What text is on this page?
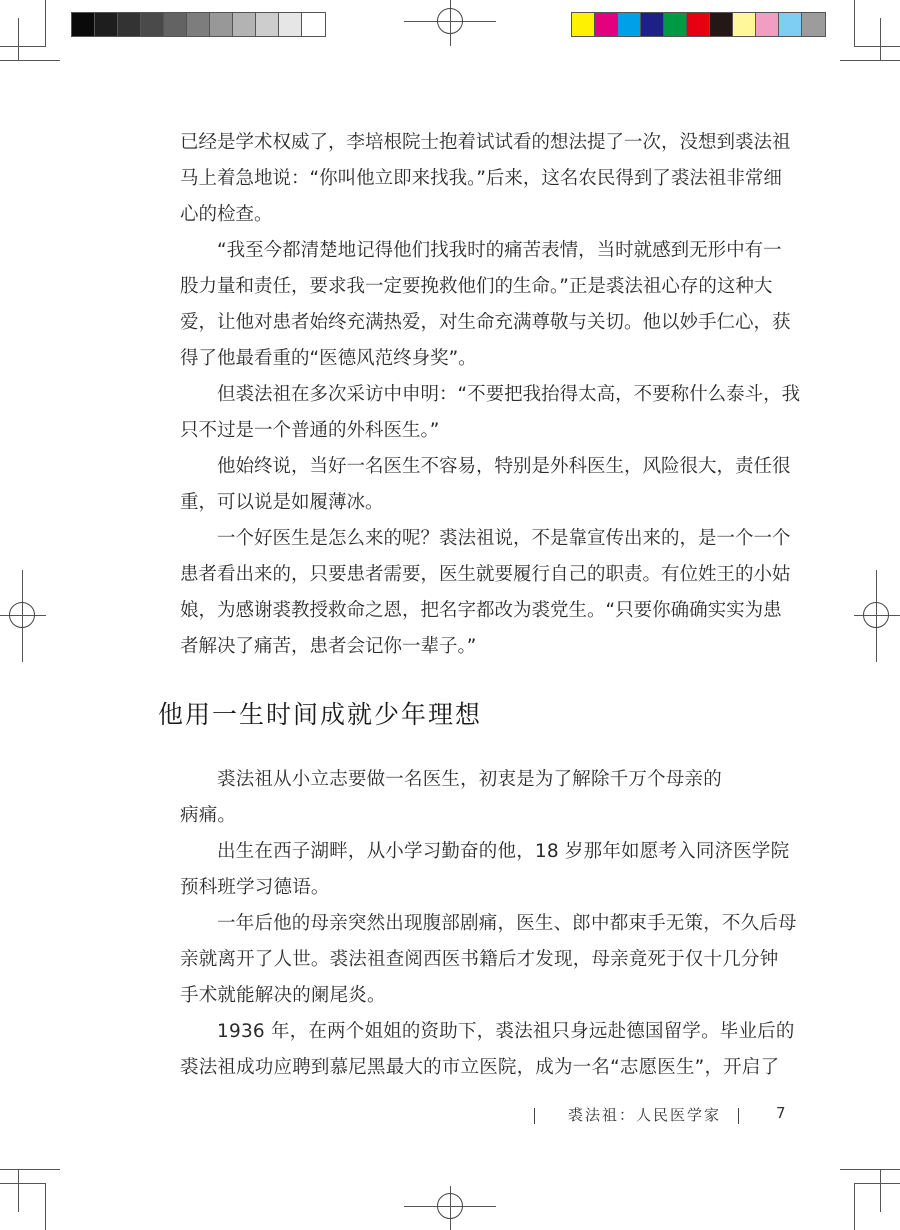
已经是学术权威了，李培根院士抱着试试看的想法提了一次，没想到裘法祖
马上着急地说：“你叫他立即来找我。”后来，这名农民得到了裘法祖非常细
心的检查。
“我至今都清楚地记得他们找我时的痛苦表情，当时就感到无形中有一
股力量和责任，要求我一定要挽救他们的生命。”正是裘法祖心存的这种大
爱，让他对患者始终充满热爱，对生命充满尊敬与关切。他以妙手仁心，获
得了他最看重的“医德风范终身奖”。
但裘法祖在多次采访中申明：“不要把我抬得太高，不要称什么泰斗，我
只不过是一个普通的外科医生。”
他始终说，当好一名医生不容易，特别是外科医生，风险很大，责任很
重，可以说是如履薄冰。
一个好医生是怎么来的呢？裘法祖说，不是靠宣传出来的，是一个一个
患者看出来的，只要患者需要，医生就要履行自己的职责。有位姓王的小姑
娘，为感谢裘教授救命之恩，把名字都改为裘党生。“只要你确确实实为患
者解决了痛苦，患者会记你一辈子。”
他用一生时间成就少年理想
裘法祖从小立志要做一名医生，初衷是为了解除千万个母亲的
病痛。
出生在西子湖畔，从小学习勤奋的他，18 岁那年如愿考入同济医学院
预科班学习德语。
一年后他的母亲突然出现腹部剧痛，医生、郎中都束手无策，不久后母
亲就离开了人世。裘法祖查阅西医书籍后才发现，母亲竟死于仅十几分钟
手术就能解决的阑尾炎。
1936 年，在两个姐姐的资助下，裘法祖只身远赴德国留学。毕业后的
裘法祖成功应聘到慕尼黑最大的市立医院，成为一名“志愿医生”，开启了
裘法祖：人民医学家	7
